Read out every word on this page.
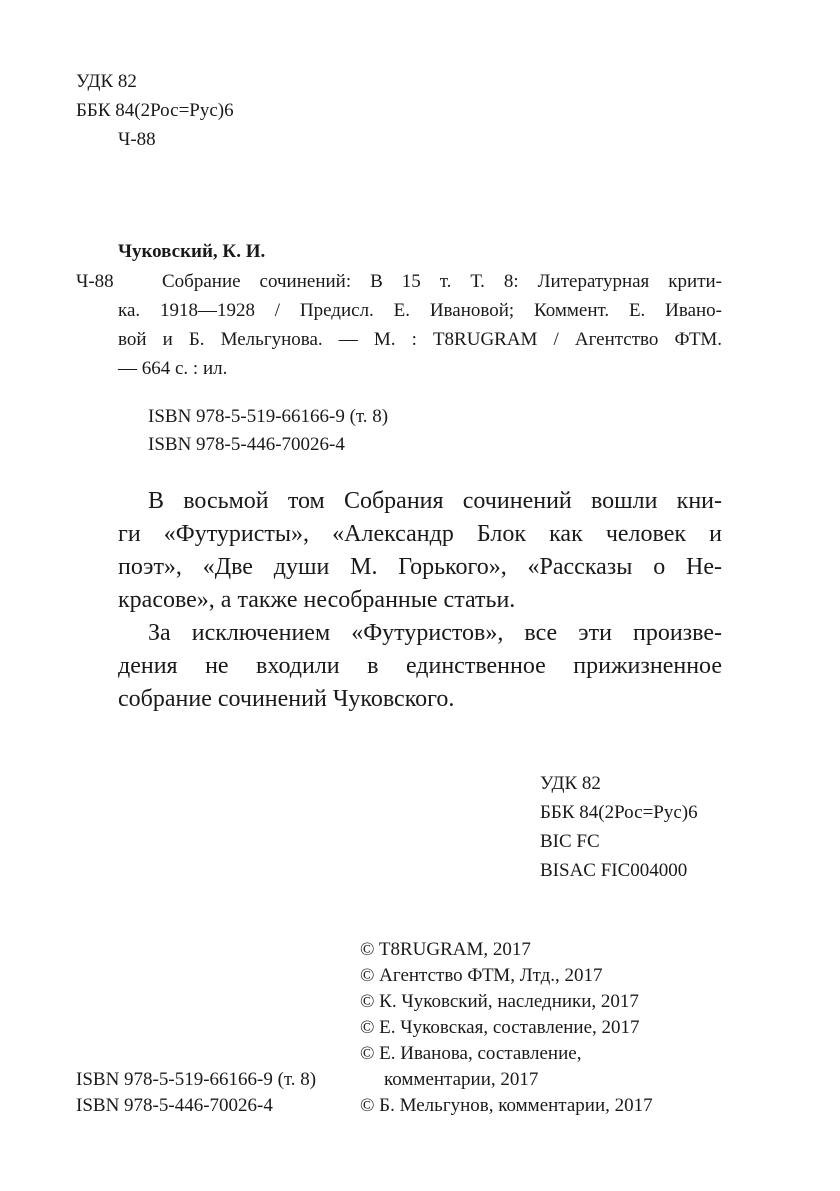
УДК 82
ББК 84(2Рос=Рус)6
Ч-88
Чуковский, К. И.
Ч-88	Собрание сочинений: В 15 т. Т. 8: Литературная крити-
ка. 1918—1928 / Предисл. Е. Ивановой; Коммент. Е. Ивано-
вой и Б. Мельгунова. — М. : T8RUGRAM / Агентство ФТМ.
— 664 с. : ил.
ISBN 978-5-519-66166-9 (т. 8)
ISBN 978-5-446-70026-4
В восьмой том Собрания сочинений вошли кни-
ги «Футуристы», «Александр Блок как человек и
поэт», «Две души М. Горького», «Рассказы о Не-
красове», а также несобранные статьи.
За исключением «Футуристов», все эти произве-
дения не входили в единственное прижизненное
собрание сочинений Чуковского.
УДК 82
ББК 84(2Рос=Рус)6
BIC FC
BISAC FIC004000
© T8RUGRAM, 2017
© Агентство ФТМ, Лтд., 2017
© К. Чуковский, наследники, 2017
© Е. Чуковская, составление, 2017
© Е. Иванова, составление,
комментарии, 2017
© Б. Мельгунов, комментарии, 2017
ISBN 978-5-519-66166-9 (т. 8)
ISBN 978-5-446-70026-4
